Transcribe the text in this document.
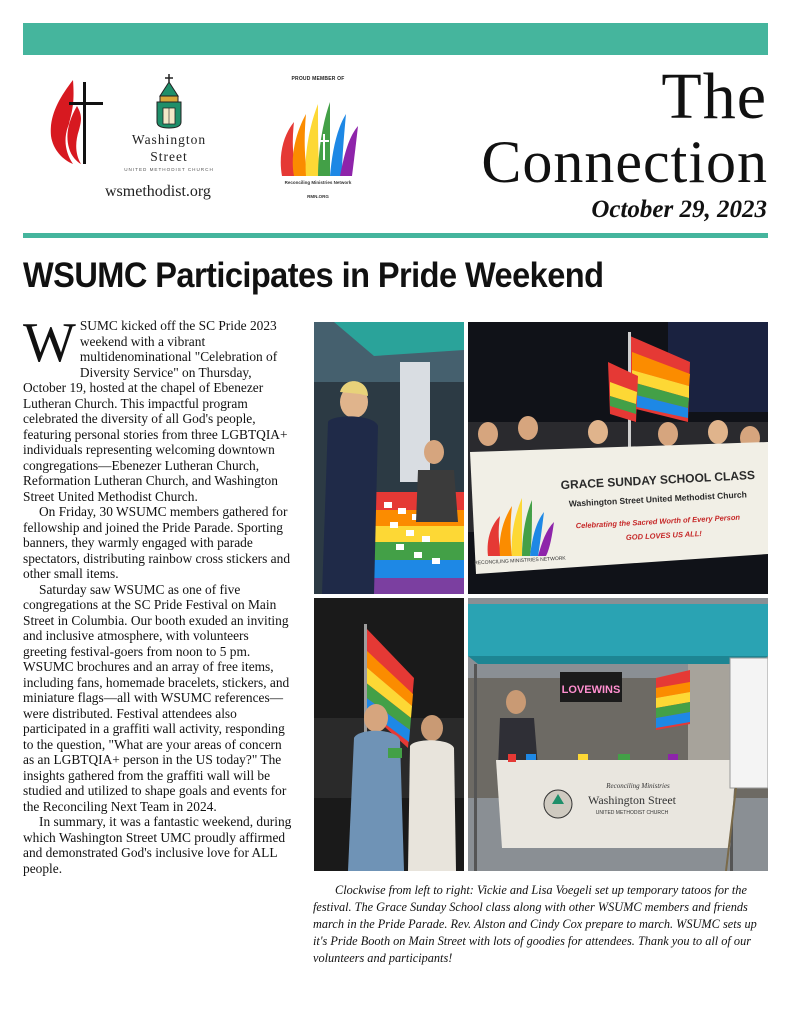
Washington
Street
UNITED METHODIST CHURCH
wsmethodist.org
PROUD MEMBER OF
Reconciling Ministries Network
RMN.ORG
The
Connection
October 29, 2023
WSUMC Participates in Pride Weekend

WSUMC kicked off the SC Pride 2023 weekend with a vibrant multidenominational "Celebration of Diversity Service" on Thursday, October 19, hosted at the chapel of Ebenezer Lutheran Church. This impactful program celebrated the diversity of all God's people, featuring personal stories from three LGBTQIA+ individuals representing welcoming downtown congregations—Ebenezer Lutheran Church, Reformation Lutheran Church, and Washington Street United Methodist Church.

On Friday, 30 WSUMC members gathered for fellowship and joined the Pride Parade. Sporting banners, they warmly engaged with parade spectators, distributing rainbow cross stickers and other small items.

Saturday saw WSUMC as one of five congregations at the SC Pride Festival on Main Street in Columbia. Our booth exuded an inviting and inclusive atmosphere, with volunteers greeting festival-goers from noon to 5 pm. WSUMC brochures and an array of free items, including fans, homemade bracelets, stickers, and miniature flags—all with WSUMC references—were distributed. Festival attendees also participated in a graffiti wall activity, responding to the question, "What are your areas of concern as an LGBTQIA+ person in the US today?" The insights gathered from the graffiti wall will be studied and utilized to shape goals and events for the Reconciling Next Team in 2024.

In summary, it was a fantastic weekend, during which Washington Street UMC proudly affirmed and demonstrated God's inclusive love for ALL people.

GRACE SUNDAY SCHOOL CLASS
Washington Street United Methodist Church
Celebrating the Sacred Worth of Every Person
GOD LOVES US ALL!
RECONCILING MINISTRIES NETWORK
LOVEWINS
Reconciling Ministries
Washington Street
UNITED METHODIST CHURCH
Clockwise from left to right: Vickie and Lisa Voegeli set up temporary tatoos for the festival. The Grace Sunday School class along with other WSUMC members and friends march in the Pride Parade. Rev. Alston and Cindy Cox prepare to march. WSUMC sets up it's Pride Booth on Main Street with lots of goodies for attendees. Thank you to all of our volunteers and participants!
